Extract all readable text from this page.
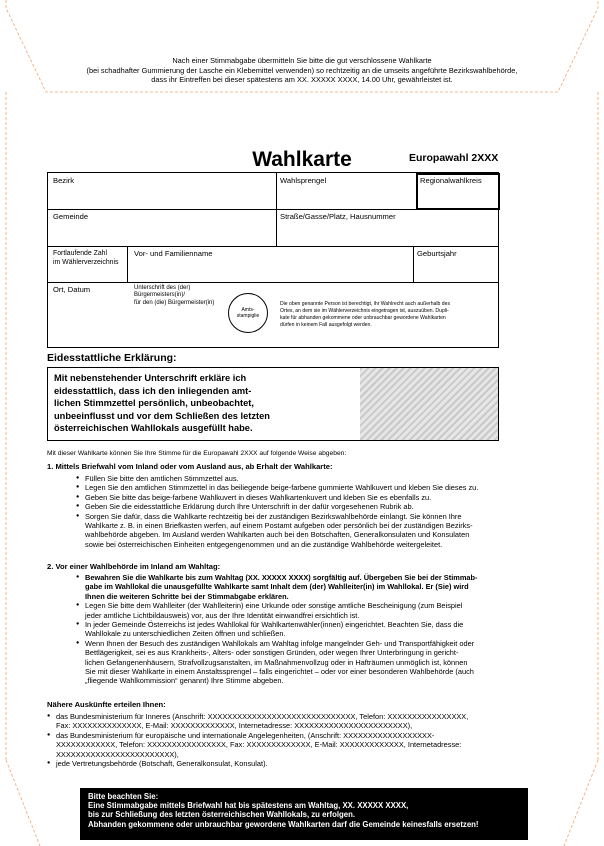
Nach einer Stimmabgabe übermitteln Sie bitte die gut verschlossene Wahlkarte
(bei schadhafter Gummierung der Lasche ein Klebemittel verwenden) so rechtzeitig an die umseits angeführte Bezirkswahlbehörde,
dass ihr Eintreffen bei dieser spätestens am XX. XXXXX XXXX, 14.00 Uhr, gewährleistet ist.
Wahlkarte	Europawahl 2XXX
Bezirk	Wahlsprengel	Regionalwahlkreis
Gemeinde	Straße/Gasse/Platz, Hausnummer
Fortlaufende Zahl
im Wählerverzeichnis
Vor- und Familienname	Geburtsjahr
Ort, Datum	Unterschrift des (der)
Bürgermeisters(in)/
für den (die) Bürgermeister(in)
Amts-
stampiglie
Die oben genannte Person ist berechtigt, ihr Wahlrecht auch außerhalb des
Ortes, an dem sie im Wählerverzeichnis eingetragen ist, auszuüben. Dupli-
kate für abhanden gekommene oder unbrauchbar gewordene Wahlkarten
dürfen in keinem Fall ausgefolgt werden.
Eidesstattliche Erklärung:
Mit nebenstehender Unterschrift erkläre ich
eidesstattlich, dass ich den inliegenden amt-
lichen Stimmzettel persönlich, unbeobachtet,
unbeeinflusst und vor dem Schließen des letzten
österreichischen Wahllokals ausgefüllt habe.
Mit dieser Wahlkarte können Sie Ihre Stimme für die Europawahl 2XXX auf folgende Weise abgeben:
1. Mittels Briefwahl vom Inland oder vom Ausland aus, ab Erhalt der Wahlkarte:
● Füllen Sie bitte den amtlichen Stimmzettel aus.
● Legen Sie den amtlichen Stimmzettel in das beiliegende beige-farbene gummierte Wahlkuvert und kleben Sie dieses zu.
● Geben Sie bitte das beige-farbene Wahlkuvert in dieses Wahlkartenkuvert und kleben Sie es ebenfalls zu.
● Geben Sie die eidesstattliche Erklärung durch Ihre Unterschrift in der dafür vorgesehenen Rubrik ab.
● Sorgen Sie dafür, dass die Wahlkarte rechtzeitig bei der zuständigen Bezirkswahlbehörde einlangt. Sie können Ihre
Wahlkarte z. B. in einen Briefkasten werfen, auf einem Postamt aufgeben oder persönlich bei der zuständigen Bezirks-
wahlbehörde abgeben. Im Ausland werden Wahlkarten auch bei den Botschaften, Generalkonsulaten und Konsulaten
sowie bei österreichischen Einheiten entgegengenommen und an die zuständige Wahlbehörde weitergeleitet.
2. Vor einer Wahlbehörde im Inland am Wahltag:
● Bewahren Sie die Wahlkarte bis zum Wahltag (XX. XXXXX XXXX) sorgfältig auf. Übergeben Sie bei der Stimmab-
gabe im Wahllokal die unausgefüllte Wahlkarte samt Inhalt dem (der) Wahlleiter(in) im Wahllokal. Er (Sie) wird
Ihnen die weiteren Schritte bei der Stimmabgabe erklären.
● Legen Sie bitte dem Wahlleiter (der Wahlleiterin) eine Urkunde oder sonstige amtliche Bescheinigung (zum Beispiel
jeder amtliche Lichtbildausweis) vor, aus der Ihre Identität einwandfrei ersichtlich ist.
● In jeder Gemeinde Österreichs ist jedes Wahllokal für Wahlkartenwähler(innen) eingerichtet. Beachten Sie, dass die
Wahllokale zu unterschiedlichen Zeiten öffnen und schließen.
● Wenn Ihnen der Besuch des zuständigen Wahllokals am Wahltag infolge mangelnder Geh- und Transportfähigkeit oder
Bettlägerigkeit, sei es aus Krankheits-, Alters- oder sonstigen Gründen, oder wegen Ihrer Unterbringung in gericht-
lichen Gefangenenhäusern, Strafvollzugsanstalten, im Maßnahmenvollzug oder in Hafträumen unmöglich ist, können
Sie mit dieser Wahlkarte in einem Anstaltssprengel – falls eingerichtet – oder vor einer besonderen Wahlbehörde (auch
„fliegende Wahlkommission“ genannt) Ihre Stimme abgeben.
Nähere Auskünfte erteilen Ihnen:
● das Bundesministerium für Inneres (Anschrift: XXXXXXXXXXXXXXXXXXXXXXXXXXXXXX, Telefon: XXXXXXXXXXXXXXXX,
Fax: XXXXXXXXXXXXXX, E-Mail: XXXXXXXXXXXXX, Internetadresse: XXXXXXXXXXXXXXXXXXXXXXX),
● das Bundesministerium für europäische und internationale Angelegenheiten, (Anschrift: XXXXXXXXXXXXXXXXXX-
XXXXXXXXXXXX, Telefon: XXXXXXXXXXXXXXXX, Fax: XXXXXXXXXXXXX, E-Mail: XXXXXXXXXXXXX, Internetadresse:
XXXXXXXXXXXXXXXXXXXXXXXX),
● jede Vertretungsbehörde (Botschaft, Generalkonsulat, Konsulat).
Bitte beachten Sie:
Eine Stimmabgabe mittels Briefwahl hat bis spätestens am Wahltag, XX. XXXXX XXXX,
bis zur Schließung des letzten österreichischen Wahllokals, zu erfolgen.
Abhanden gekommene oder unbrauchbar gewordene Wahlkarten darf die Gemeinde keinesfalls ersetzen!
